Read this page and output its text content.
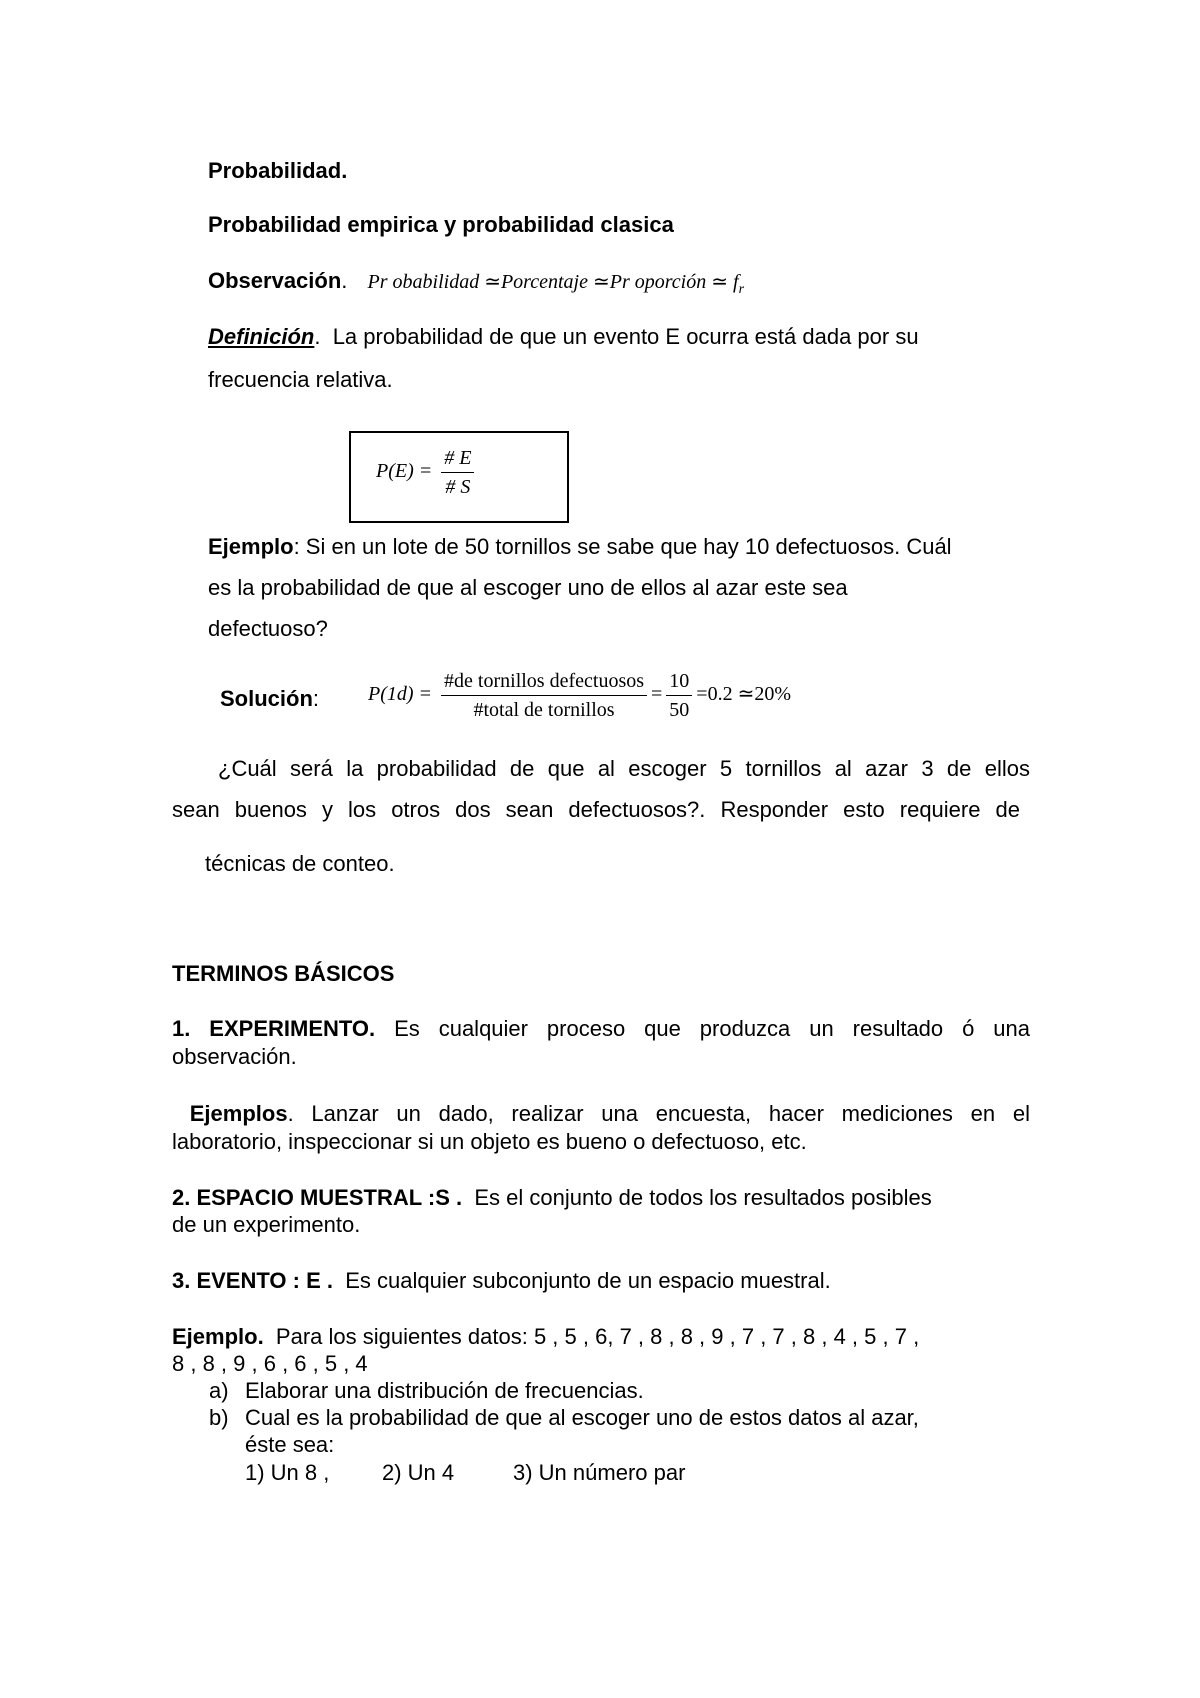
Probabilidad.
Probabilidad empirica y probabilidad clasica
Observación. Pr obabilidad ≃Porcentaje ≃Pr oporción ≃ $f_r$
Definición.  La probabilidad de que un evento E ocurra está dada por su
frecuencia relativa.
$P(E) = \frac{\# E}{\# S}$
Ejemplo: Si en un lote de 50 tornillos se sabe que hay 10 defectuosos. Cuál
es la probabilidad de que al escoger uno de ellos al azar este sea
defectuoso?
Solución: $P(1d) = \frac{\text{\#de tornillos defectuosos}}{\text{\#total de tornillos}} = \frac{10}{50} =0.2$ ≃20%
¿Cuál será la probabilidad de que al escoger 5 tornillos al azar 3 de ellos
sean buenos y los otros dos sean defectuosos?. Responder esto requiere de
técnicas de conteo.
TERMINOS BÁSICOS
1. EXPERIMENTO. Es cualquier proceso que produzca un resultado ó una
observación.
Ejemplos. Lanzar un dado, realizar una encuesta, hacer mediciones en el
laboratorio, inspeccionar si un objeto es bueno o defectuoso, etc.
2. ESPACIO MUESTRAL :S . Es el conjunto de todos los resultados posibles
de un experimento.
3. EVENTO : E . Es cualquier subconjunto de un espacio muestral.
Ejemplo. Para los siguientes datos: 5 , 5 , 6, 7 , 8 , 8 , 9 , 7 , 7 , 8 , 4 , 5 , 7 ,
8 , 8 , 9 , 6 , 6 , 5 , 4
a) Elaborar una distribución de frecuencias.
b) Cual es la probabilidad de que al escoger uno de estos datos al azar,
éste sea:
1) Un 8 , 2) Un 4	3) Un número par
